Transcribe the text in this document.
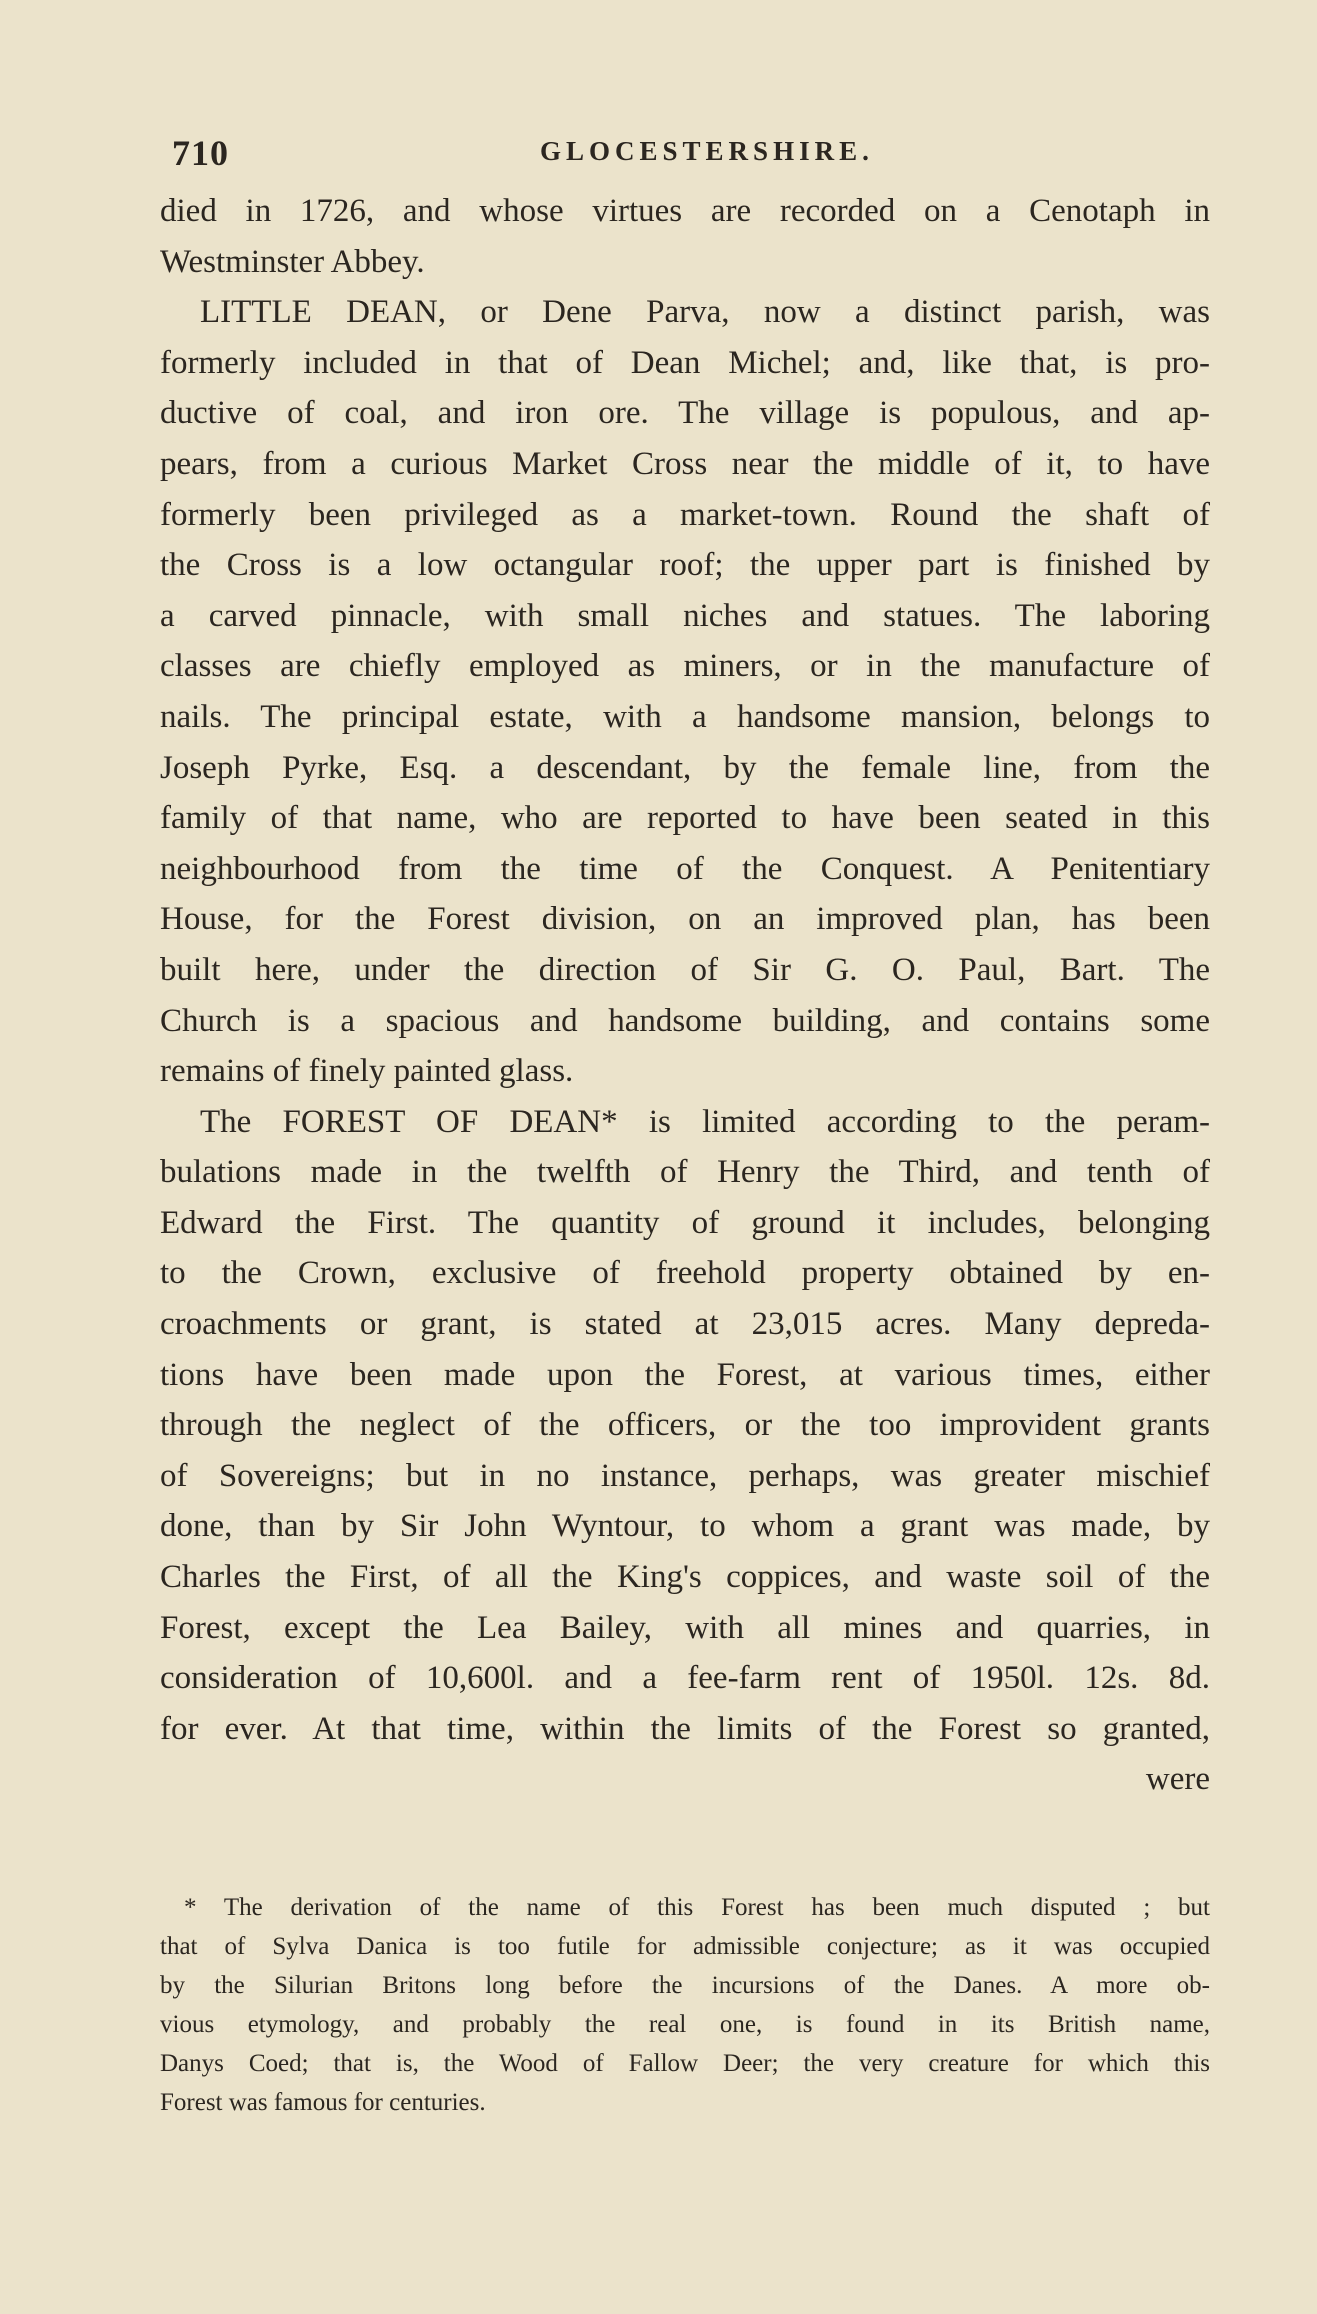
710	GLOCESTERSHIRE.
died in 1726, and whose virtues are recorded on a Cenotaph in
Westminster Abbey.
LITTLE DEAN, or Dene Parva, now a distinct parish, was
formerly included in that of Dean Michel; and, like that, is pro-
ductive of coal, and iron ore. The village is populous, and ap-
pears, from a curious Market Cross near the middle of it, to have
formerly been privileged as a market-town. Round the shaft of
the Cross is a low octangular roof; the upper part is finished by
a carved pinnacle, with small niches and statues. The laboring
classes are chiefly employed as miners, or in the manufacture of
nails. The principal estate, with a handsome mansion, belongs to
Joseph Pyrke, Esq. a descendant, by the female line, from the
family of that name, who are reported to have been seated in this
neighbourhood from the time of the Conquest. A Penitentiary
House, for the Forest division, on an improved plan, has been
built here, under the direction of Sir G. O. Paul, Bart. The
Church is a spacious and handsome building, and contains some
remains of finely painted glass.
The FOREST OF DEAN* is limited according to the peram-
bulations made in the twelfth of Henry the Third, and tenth of
Edward the First. The quantity of ground it includes, belonging
to the Crown, exclusive of freehold property obtained by en-
croachments or grant, is stated at 23,015 acres. Many depreda-
tions have been made upon the Forest, at various times, either
through the neglect of the officers, or the too improvident grants
of Sovereigns; but in no instance, perhaps, was greater mischief
done, than by Sir John Wyntour, to whom a grant was made, by
Charles the First, of all the King's coppices, and waste soil of the
Forest, except the Lea Bailey, with all mines and quarries, in
consideration of 10,600l. and a fee-farm rent of 1950l. 12s. 8d.
for ever. At that time, within the limits of the Forest so granted,
were
* The derivation of the name of this Forest has been much disputed ; but
that of Sylva Danica is too futile for admissible conjecture; as it was occupied
by the Silurian Britons long before the incursions of the Danes. A more ob-
vious etymology, and probably the real one, is found in its British name,
Danys Coed; that is, the Wood of Fallow Deer; the very creature for which this
Forest was famous for centuries.
